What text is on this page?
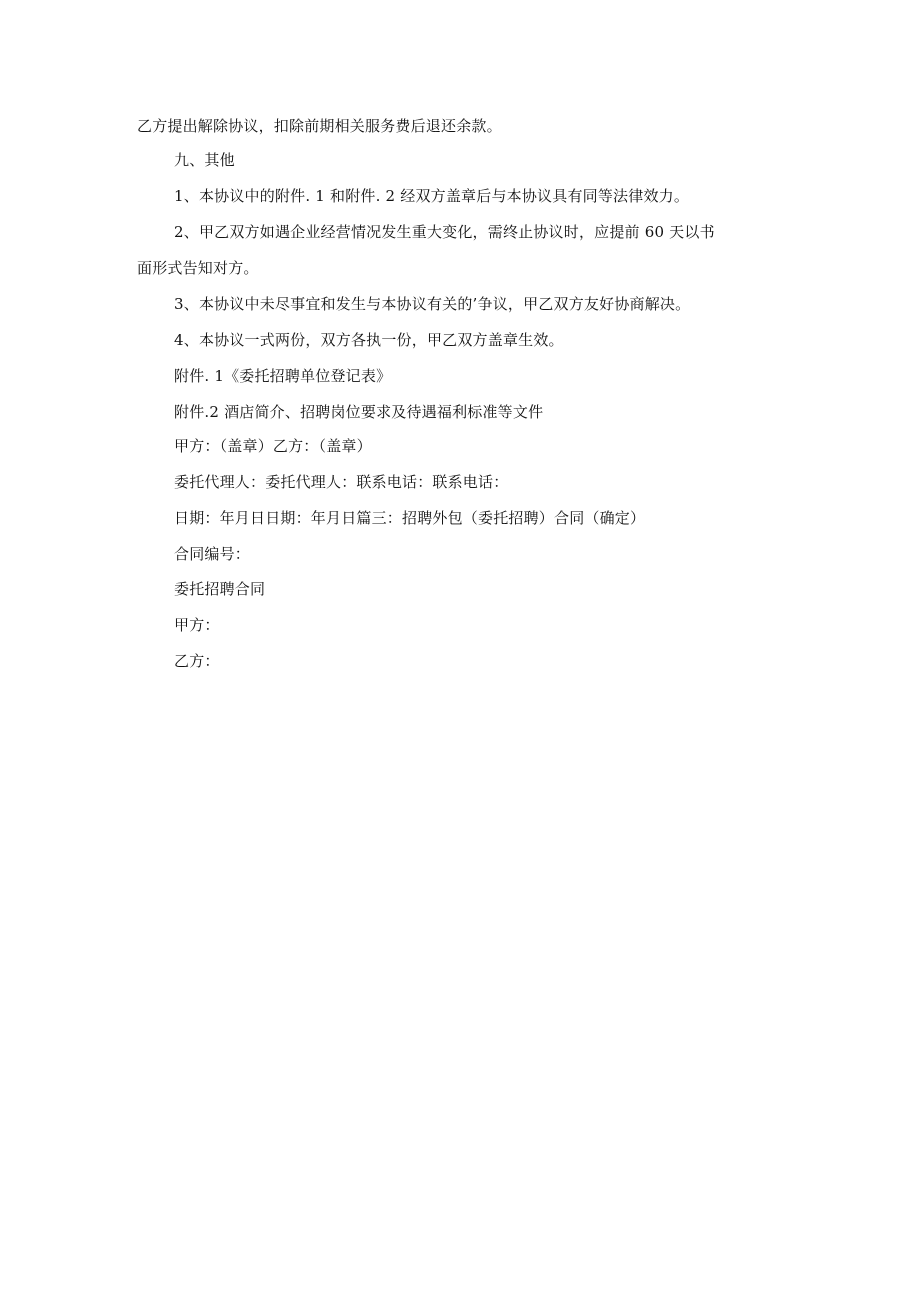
乙方提出解除协议，扣除前期相关服务费后退还余款。
九、其他
1、本协议中的附件. 1 和附件. 2 经双方盖章后与本协议具有同等法律效力。
2、甲乙双方如遇企业经营情况发生重大变化，需终止协议时，应提前 60 天以书
面形式告知对方。
3、本协议中未尽事宜和发生与本协议有关的’争议，甲乙双方友好协商解决。
4、本协议一式两份，双方各执一份，甲乙双方盖章生效。
附件. 1《委托招聘单位登记表》
附件.2 酒店简介、招聘岗位要求及待遇福利标准等文件
甲方：（盖章）乙方：（盖章）
委托代理人：委托代理人：联系电话：联系电话：
日期：年月日日期：年月日篇三：招聘外包（委托招聘）合同（确定）
合同编号：
委托招聘合同
甲方：
乙方：
